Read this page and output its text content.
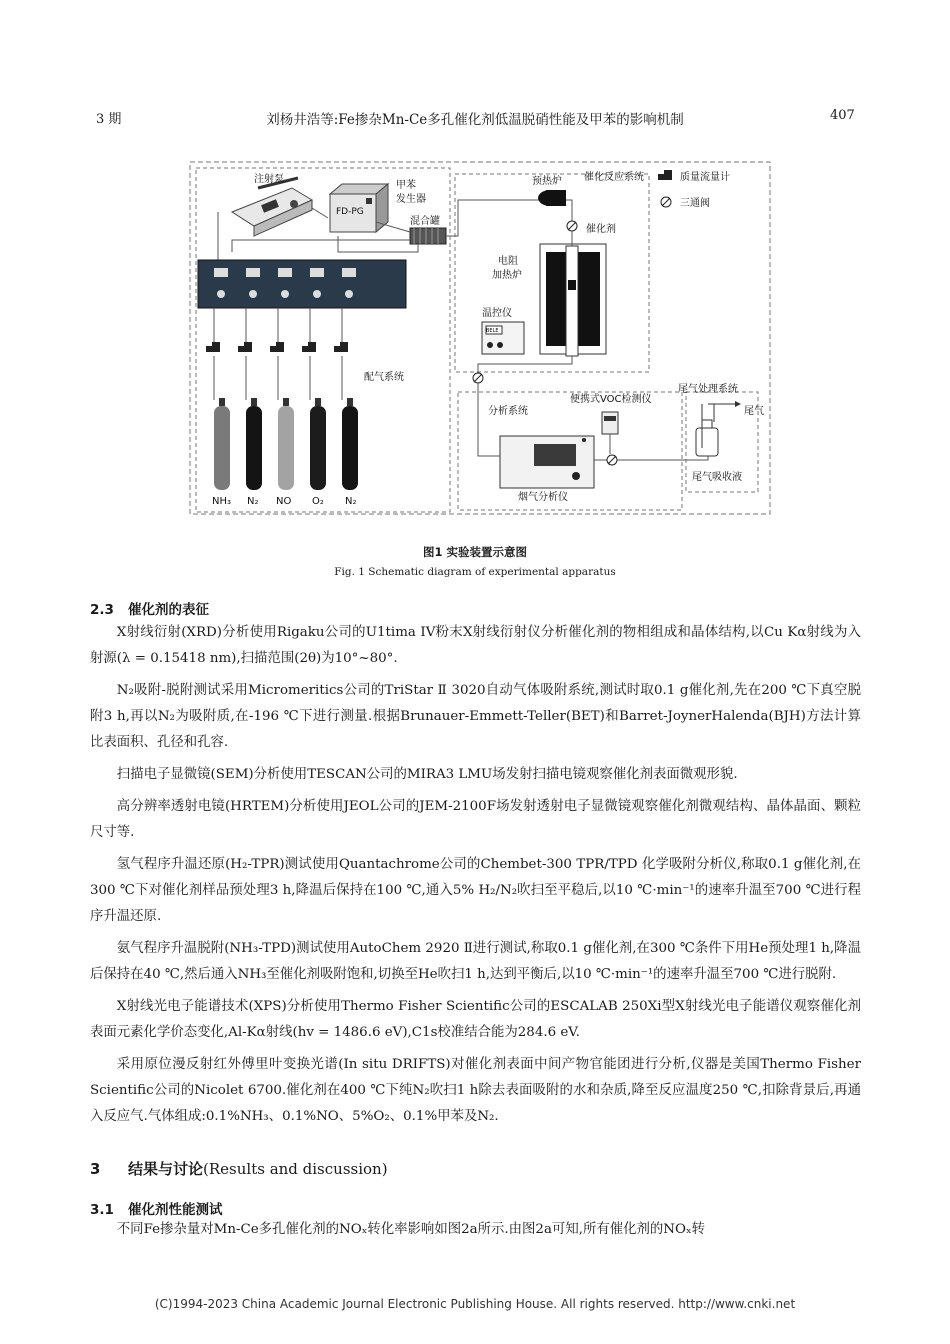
3 期	刘杨井浩等:Fe掺杂Mn-Ce多孔催化剂低温脱硝性能及甲苯的影响机制	407
注射泵
FD-PG
甲苯
发生器
混合罐
配气系统
NH₃ N₂ NO O₂ N₂
预热炉 催化反应系统
催化剂
电阻
加热炉
BELE
温控仪
分析系统
便携式VOC检测仪
烟气分析仪
尾气处理系统
尾气
尾气吸收液
质量流量计
三通阀
图1 实验装置示意图
Fig. 1 Schematic diagram of experimental apparatus
2.3 催化剂的表征

X射线衍射(XRD)分析使用Rigaku公司的U1tima IV粉末X射线衍射仪分析催化剂的物相组成和晶体结构,以Cu Kα射线为入射源(λ = 0.15418 nm),扫描范围(2θ)为10°~80°.

N₂吸附-脱附测试采用Micromeritics公司的TriStar Ⅱ 3020自动气体吸附系统,测试时取0.1 g催化剂,先在200 ℃下真空脱附3 h,再以N₂为吸附质,在-196 ℃下进行测量.根据Brunauer-Emmett-Teller(BET)和Barret-JoynerHalenda(BJH)方法计算比表面积、孔径和孔容.

扫描电子显微镜(SEM)分析使用TESCAN公司的MIRA3 LMU场发射扫描电镜观察催化剂表面微观形貌.

高分辨率透射电镜(HRTEM)分析使用JEOL公司的JEM-2100F场发射透射电子显微镜观察催化剂微观结构、晶体晶面、颗粒尺寸等.

氢气程序升温还原(H₂-TPR)测试使用Quantachrome公司的Chembet-300 TPR/TPD 化学吸附分析仪,称取0.1 g催化剂,在300 ℃下对催化剂样品预处理3 h,降温后保持在100 ℃,通入5% H₂/N₂吹扫至平稳后,以10 ℃·min⁻¹的速率升温至700 ℃进行程序升温还原.

氨气程序升温脱附(NH₃-TPD)测试使用AutoChem 2920 Ⅱ进行测试,称取0.1 g催化剂,在300 ℃条件下用He预处理1 h,降温后保持在40 ℃,然后通入NH₃至催化剂吸附饱和,切换至He吹扫1 h,达到平衡后,以10 ℃·min⁻¹的速率升温至700 ℃进行脱附.

X射线光电子能谱技术(XPS)分析使用Thermo Fisher Scientific公司的ESCALAB 250Xi型X射线光电子能谱仪观察催化剂表面元素化学价态变化,Al-Kα射线(hv = 1486.6 eV),C1s校准结合能为284.6 eV.

采用原位漫反射红外傅里叶变换光谱(In situ DRIFTS)对催化剂表面中间产物官能团进行分析,仪器是美国Thermo Fisher Scientific公司的Nicolet 6700.催化剂在400 ℃下纯N₂吹扫1 h除去表面吸附的水和杂质,降至反应温度250 ℃,扣除背景后,再通入反应气.气体组成:0.1%NH₃、0.1%NO、5%O₂、0.1%甲苯及N₂.

3 结果与讨论(Results and discussion)
3.1 催化剂性能测试

不同Fe掺杂量对Mn-Ce多孔催化剂的NOₓ转化率影响如图2a所示.由图2a可知,所有催化剂的NOₓ转

(C)1994-2023 China Academic Journal Electronic Publishing House. All rights reserved. http://www.cnki.net
